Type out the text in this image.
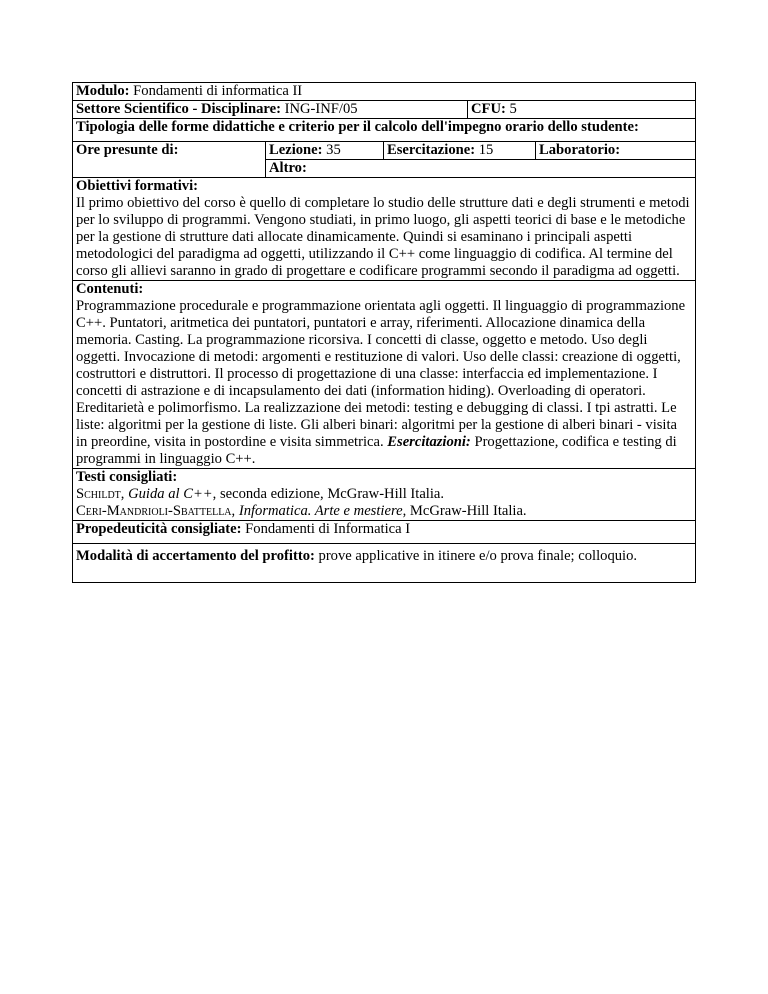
Modulo: Fondamenti di informatica II
Settore Scientifico - Disciplinare: ING-INF/05	CFU: 5
Tipologia delle forme didattiche e criterio per il calcolo dell'impegno orario dello studente:
Ore presunte di:	Lezione: 35	Esercitazione: 15	Laboratorio:
Altro:
Obiettivi formativi:

Il primo obiettivo del corso è quello di completare lo studio delle strutture dati e degli strumenti e metodi per lo sviluppo di programmi. Vengono studiati, in primo luogo, gli aspetti teorici di base e le metodiche per la gestione di strutture dati allocate dinamicamente. Quindi si esaminano i principali aspetti metodologici del paradigma ad oggetti, utilizzando il C++ come linguaggio di codifica. Al termine del corso gli allievi saranno in grado di progettare e codificare programmi secondo il paradigma ad oggetti.

Contenuti:

Programmazione procedurale e programmazione orientata agli oggetti. Il linguaggio di programmazione C++. Puntatori, aritmetica dei puntatori, puntatori e array, riferimenti. Allocazione dinamica della memoria. Casting. La programmazione ricorsiva. I concetti di classe, oggetto e metodo. Uso degli oggetti. Invocazione di metodi: argomenti e restituzione di valori. Uso delle classi: creazione di oggetti, costruttori e distruttori. Il processo di progettazione di una classe: interfaccia ed implementazione. I concetti di astrazione e di incapsulamento dei dati (information hiding). Overloading di operatori. Ereditarietà e polimorfismo. La realizzazione dei metodi: testing e debugging di classi. I tpi astratti. Le liste: algoritmi per la gestione di liste. Gli alberi binari: algoritmi per la gestione di alberi binari - visita in preordine, visita in postordine e visita simmetrica. Esercitazioni: Progettazione, codifica e testing di programmi in linguaggio C++.

Testi consigliati:
Schildt, Guida al C++, seconda edizione, McGraw-Hill Italia.
Ceri-Mandrioli-Sbattella, Informatica. Arte e mestiere, McGraw-Hill Italia.
Propedeuticità consigliate: Fondamenti di Informatica I
Modalità di accertamento del profitto: prove applicative in itinere e/o prova finale; colloquio.
